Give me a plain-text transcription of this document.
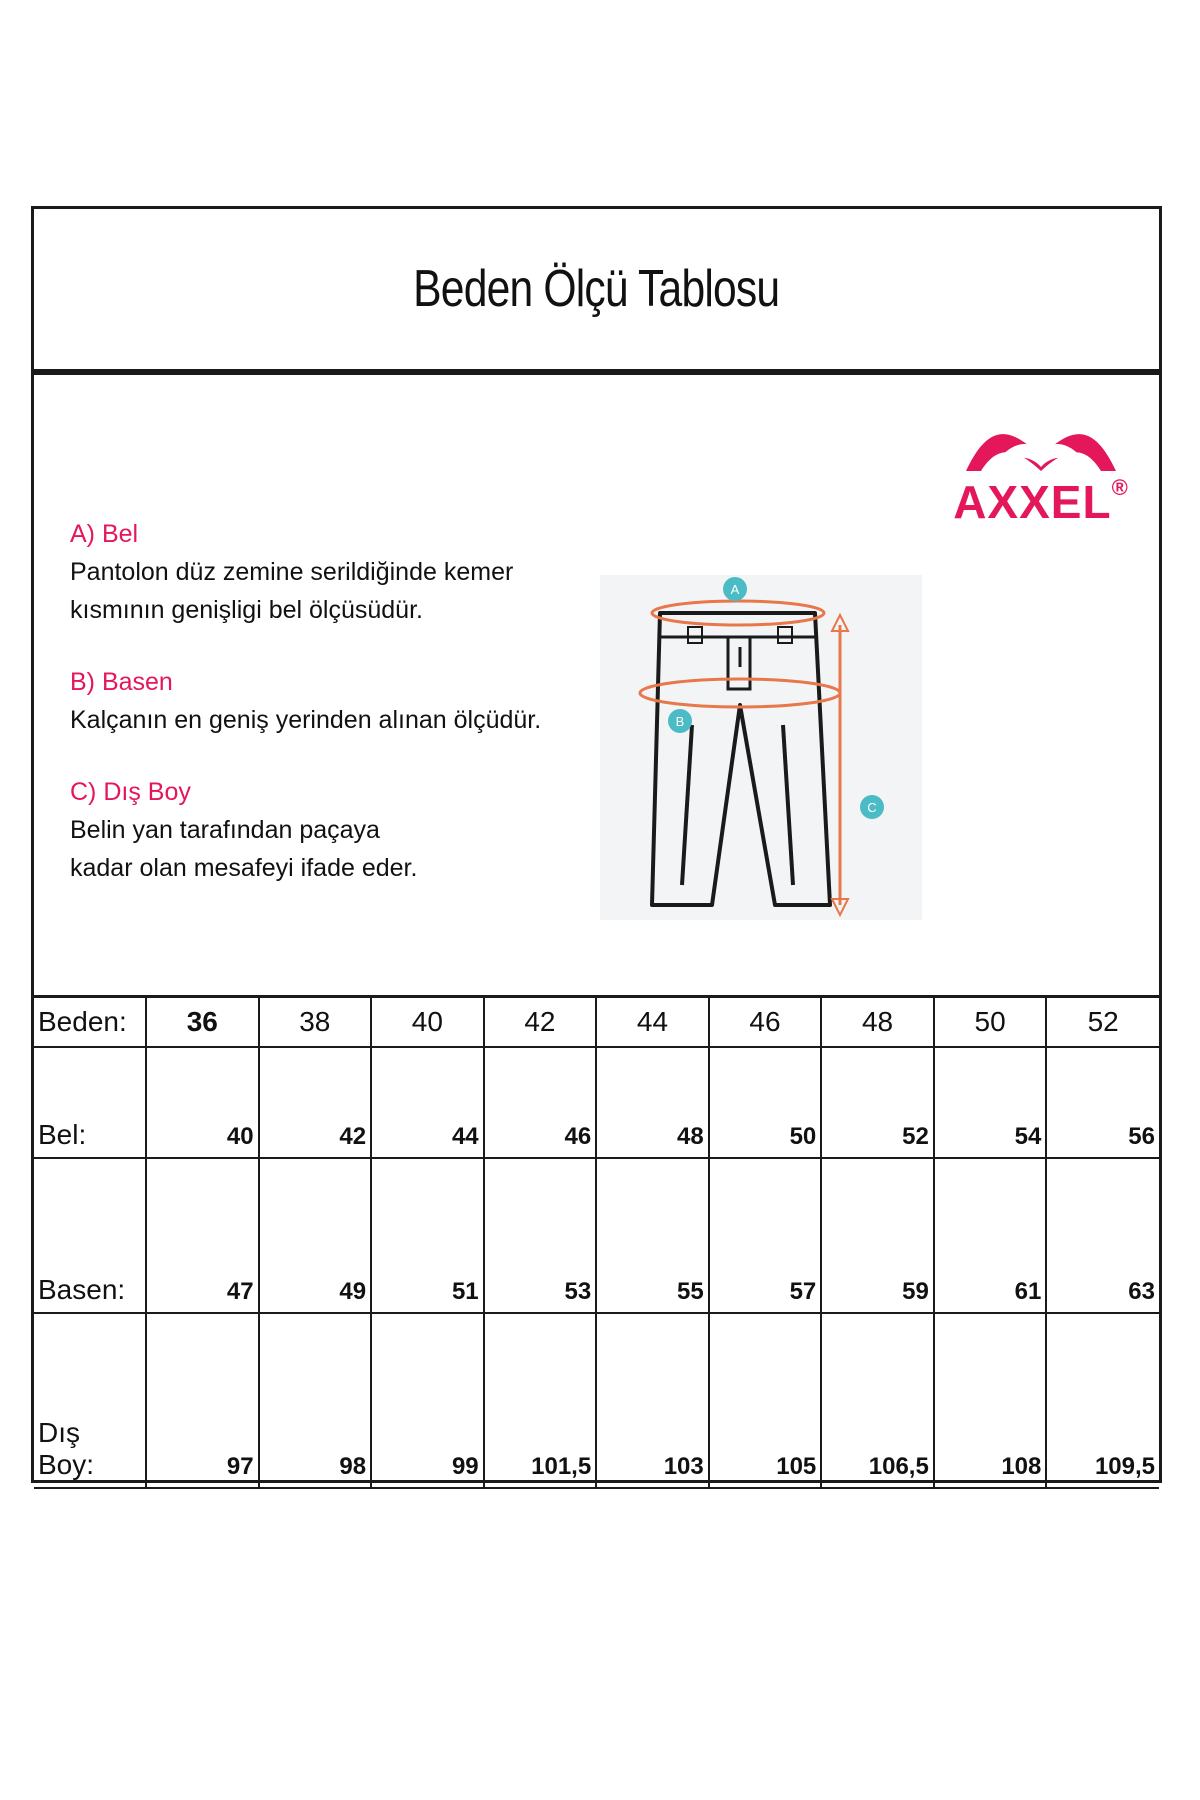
Beden Ölçü Tablosu
AXXEL®

A) Bel

Pantolon düz zemine serildiğinde kemer

kısmının genişligi bel ölçüsüdür.

B) Basen

Kalçanın en geniş yerinden alınan ölçüdür.

C) Dış Boy

Belin yan tarafından paçaya

kadar olan mesafeyi ifade eder.

A
B
C
Beden:	36	38	40	42	44	46	48	50	52
Bel:	40	42	44	46	48	50	52	54	56
Basen:	47	49	51	53	55	57	59	61	63
Dış Boy:	97	98	99	101,5	103	105	106,5	108	109,5
